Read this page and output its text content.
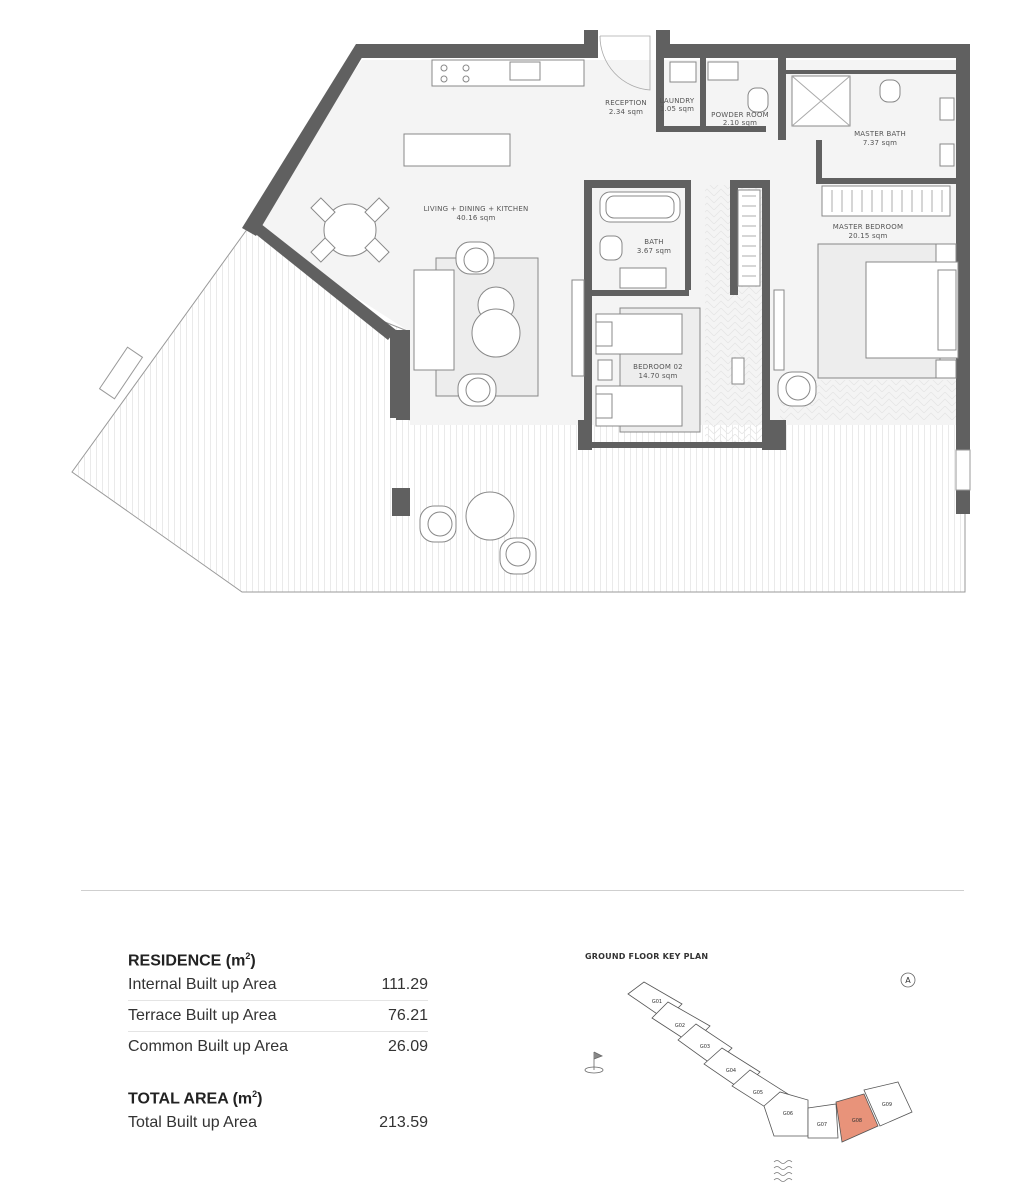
RECEPTION
2.34 sqm
LAUNDRY
1.05 sqm
POWDER ROOM
2.10 sqm
MASTER BATH
7.37 sqm
LIVING + DINING + KITCHEN
40.16 sqm
BATH
3.67 sqm
MASTER BEDROOM
20.15 sqm
BEDROOM 02
14.70 sqm
RESIDENCE $(m^2)$
Internal Built up Area	111.29
Terrace Built up Area	76.21
Common Built up Area	26.09
TOTAL AREA $(m^2)$
Total Built up Area	213.59
GROUND FLOOR KEY PLAN
G01
G02
G03
G04
G05
G06
G07
G08
G09
A
